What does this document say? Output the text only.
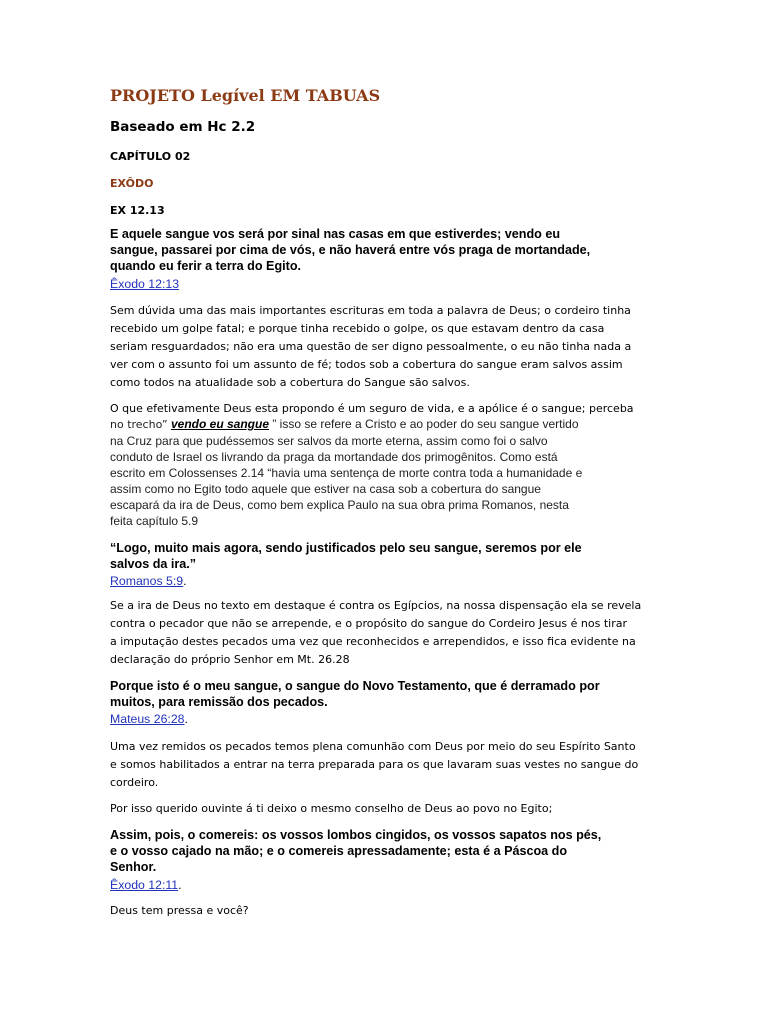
PROJETO Legível EM TABUAS
Baseado em Hc 2.2
CAPÍTULO 02
EXÔDO
EX 12.13
E aquele sangue vos será por sinal nas casas em que estiverdes; vendo eu
sangue, passarei por cima de vós, e não haverá entre vós praga de mortandade,
quando eu ferir a terra do Egito.
Êxodo 12:13
Sem dúvida uma das mais importantes escrituras em toda a palavra de Deus; o cordeiro tinha
recebido um golpe fatal; e porque tinha recebido o golpe, os que estavam dentro da casa
seriam resguardados; não era uma questão de ser digno pessoalmente, o eu não tinha nada a
ver com o assunto foi um assunto de fé; todos sob a cobertura do sangue eram salvos assim
como todos na atualidade sob a cobertura do Sangue são salvos.
O que efetivamente Deus esta propondo é um seguro de vida, e a apólice é o sangue; perceba
no trecho” vendo eu sangue ” isso se refere a Cristo e ao poder do seu sangue vertido
na Cruz para que pudéssemos ser salvos da morte eterna, assim como foi o salvo
conduto de Israel os livrando da praga da mortandade dos primogênitos. Como está
escrito em Colossenses 2.14 “havia uma sentença de morte contra toda a humanidade e
assim como no Egito todo aquele que estiver na casa sob a cobertura do sangue
escapará da ira de Deus, como bem explica Paulo na sua obra prima Romanos, nesta
feita capítulo 5.9
“Logo, muito mais agora, sendo justificados pelo seu sangue, seremos por ele
salvos da ira.”
Romanos 5:9.
Se a ira de Deus no texto em destaque é contra os Egípcios, na nossa dispensação ela se revela
contra o pecador que não se arrepende, e o propósito do sangue do Cordeiro Jesus é nos tirar
a imputação destes pecados uma vez que reconhecidos e arrependidos, e isso fica evidente na
declaração do próprio Senhor em Mt. 26.28
Porque isto é o meu sangue, o sangue do Novo Testamento, que é derramado por
muitos, para remissão dos pecados.
Mateus 26:28.
Uma vez remidos os pecados temos plena comunhão com Deus por meio do seu Espírito Santo
e somos habilitados a entrar na terra preparada para os que lavaram suas vestes no sangue do
cordeiro.
Por isso querido ouvinte á ti deixo o mesmo conselho de Deus ao povo no Egito;
Assim, pois, o comereis: os vossos lombos cingidos, os vossos sapatos nos pés,
e o vosso cajado na mão; e o comereis apressadamente; esta é a Páscoa do
Senhor.
Êxodo 12:11.
Deus tem pressa e você?
